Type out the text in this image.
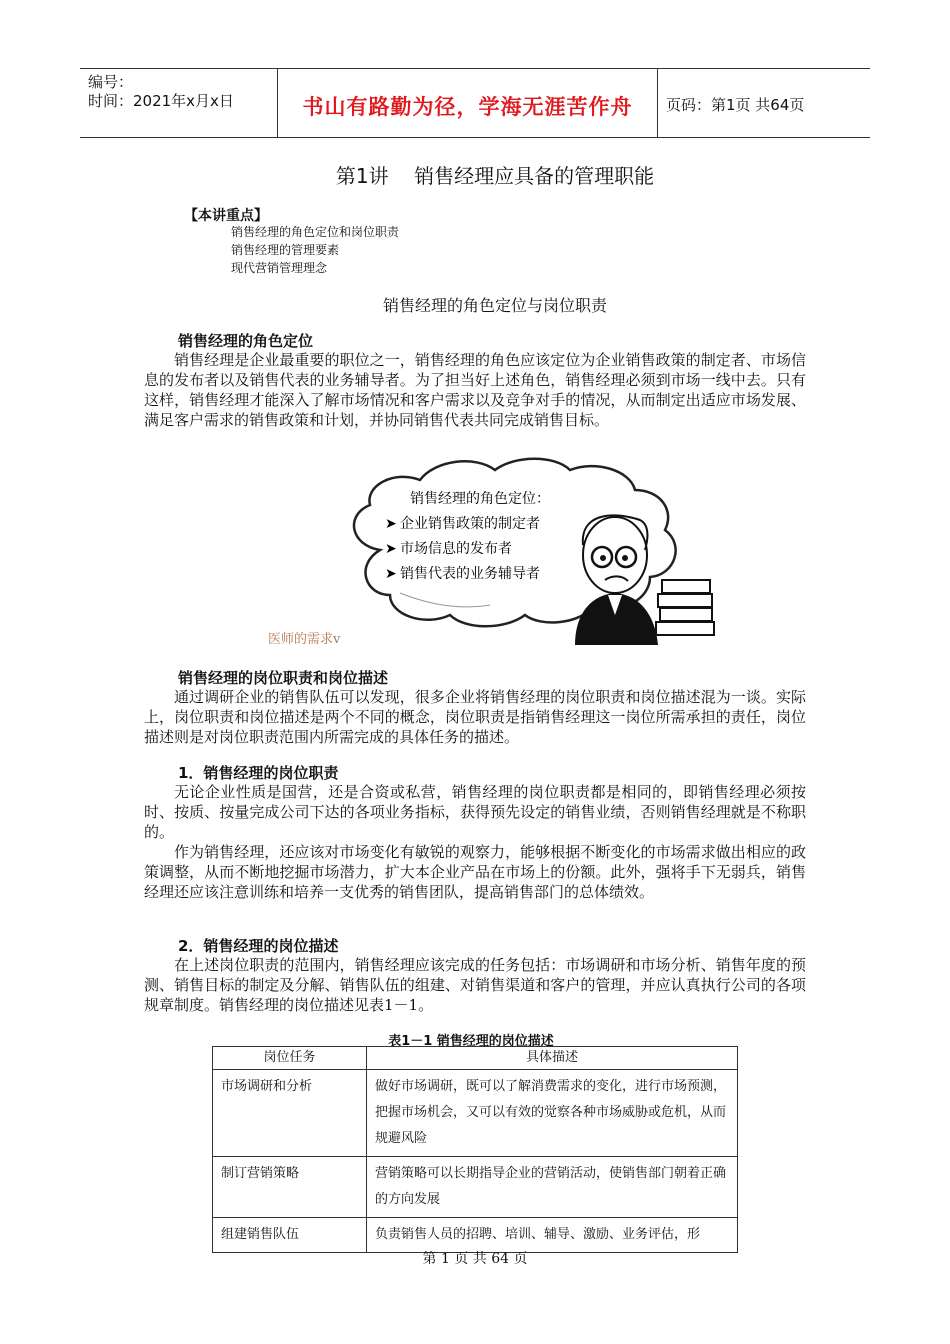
编号：
时间：2021年x月x日	书山有路勤为径，学海无涯苦作舟	页码：第1页 共64页
第1讲    销售经理应具备的管理职能
【本讲重点】
销售经理的角色定位和岗位职责
销售经理的管理要素
现代营销管理理念
销售经理的角色定位与岗位职责
销售经理的角色定位

销售经理是企业最重要的职位之一，销售经理的角色应该定位为企业销售政策的制定者、市场信息的发布者以及销售代表的业务辅导者。为了担当好上述角色，销售经理必须到市场一线中去。只有这样，销售经理才能深入了解市场情况和客户需求以及竞争对手的情况，从而制定出适应市场发展、满足客户需求的销售政策和计划，并协同销售代表共同完成销售目标。

销售经理的角色定位：
➤ 企业销售政策的制定者
➤ 市场信息的发布者
➤ 销售代表的业务辅导者
医师的需求v
销售经理的岗位职责和岗位描述

通过调研企业的销售队伍可以发现，很多企业将销售经理的岗位职责和岗位描述混为一谈。实际上，岗位职责和岗位描述是两个不同的概念，岗位职责是指销售经理这一岗位所需承担的责任，岗位描述则是对岗位职责范围内所需完成的具体任务的描述。

1．销售经理的岗位职责

无论企业性质是国营，还是合资或私营，销售经理的岗位职责都是相同的，即销售经理必须按时、按质、按量完成公司下达的各项业务指标，获得预先设定的销售业绩，否则销售经理就是不称职的。

作为销售经理，还应该对市场变化有敏锐的观察力，能够根据不断变化的市场需求做出相应的政策调整，从而不断地挖掘市场潜力，扩大本企业产品在市场上的份额。此外，强将手下无弱兵，销售经理还应该注意训练和培养一支优秀的销售团队，提高销售部门的总体绩效。

2．销售经理的岗位描述

在上述岗位职责的范围内，销售经理应该完成的任务包括：市场调研和市场分析、销售年度的预测、销售目标的制定及分解、销售队伍的组建、对销售渠道和客户的管理，并应认真执行公司的各项规章制度。销售经理的岗位描述见表1－1。

表1－1 销售经理的岗位描述
岗位任务	具体描述
市场调研和分析	做好市场调研，既可以了解消费需求的变化，进行市场预测，把握市场机会，又可以有效的觉察各种市场威胁或危机，从而规避风险
制订营销策略	营销策略可以长期指导企业的营销活动，使销售部门朝着正确的方向发展
组建销售队伍	负责销售人员的招聘、培训、辅导、激励、业务评估，形
第 1 页 共 64 页
